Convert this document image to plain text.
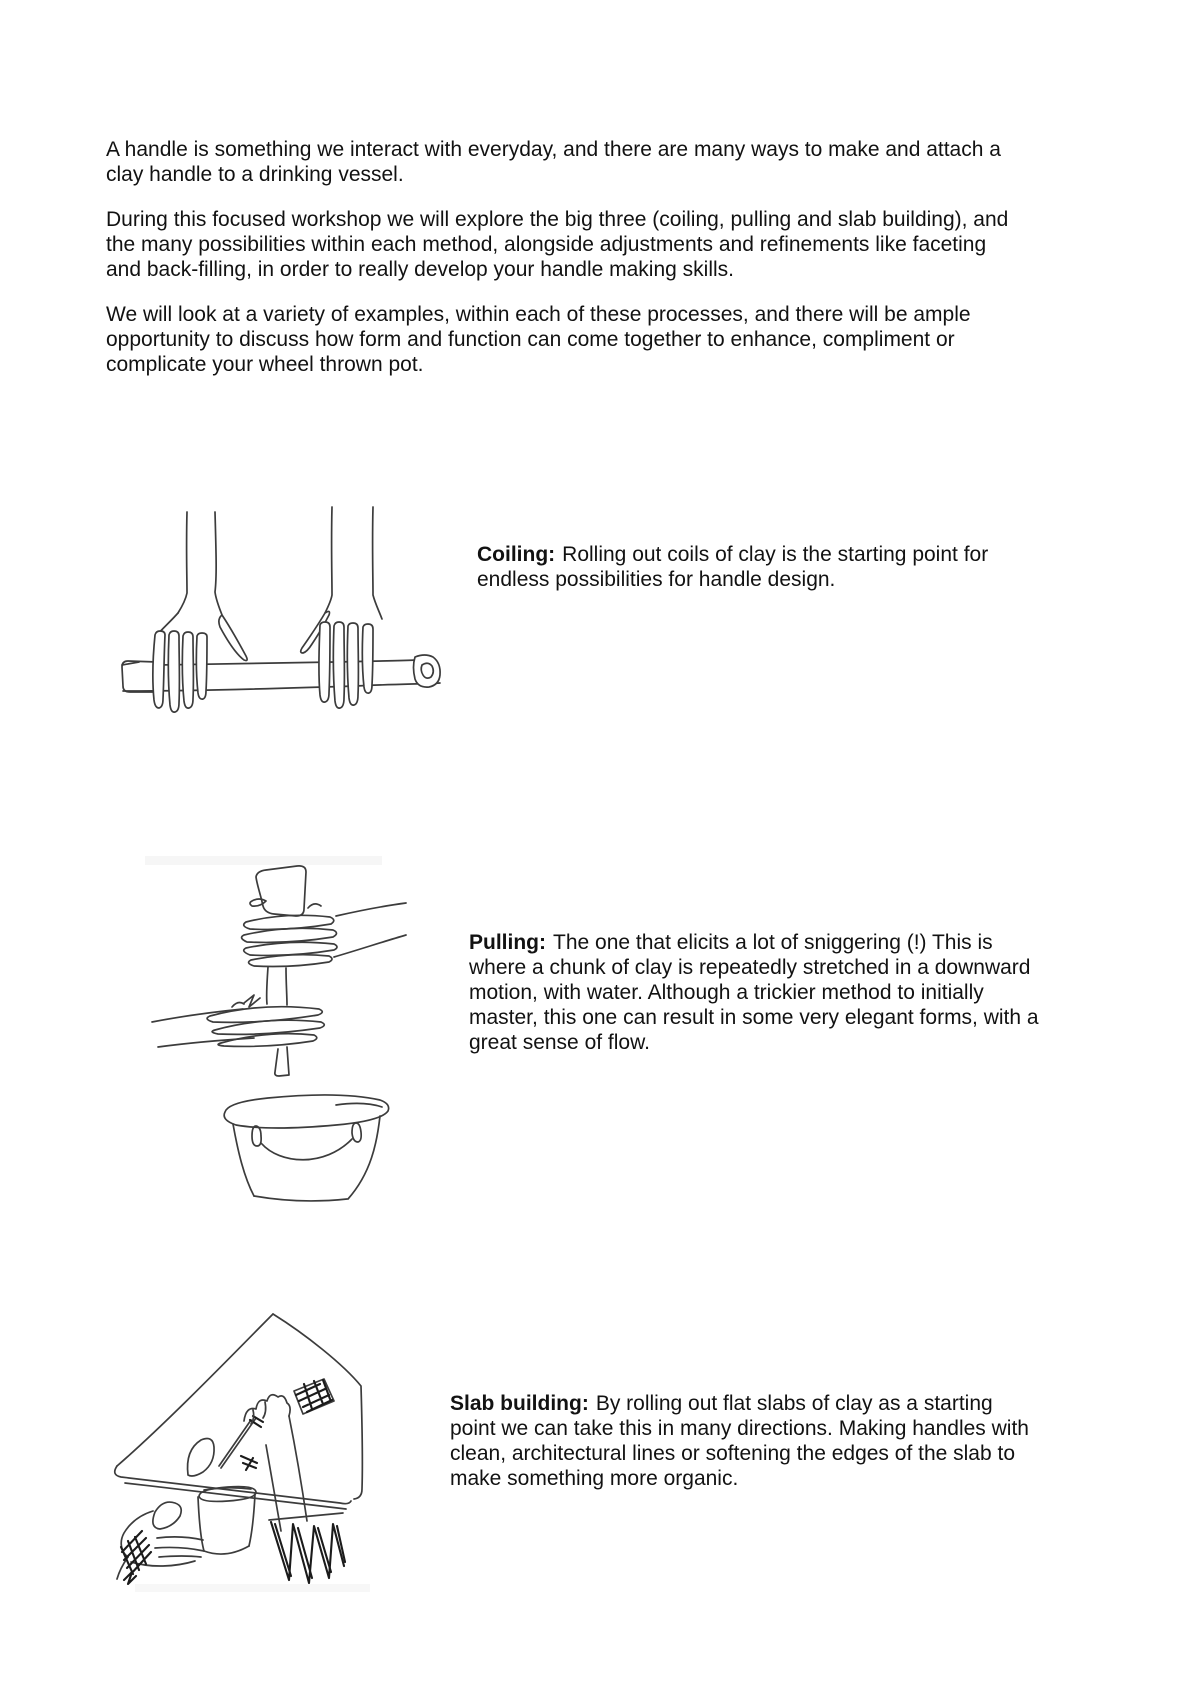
A handle is something we interact with everyday, and there are many ways to make and attach a
clay handle to a drinking vessel.
During this focused workshop we will explore the big three (coiling, pulling and slab building), and
the many possibilities within each method, alongside adjustments and refinements like faceting
and back-filling, in order to really develop your handle making skills.
We will look at a variety of examples, within each of these processes, and there will be ample
opportunity to discuss how form and function can come together to enhance, compliment or
complicate your wheel thrown pot.
Coiling: Rolling out coils of clay is the starting point for
endless possibilities for handle design.
Pulling: The one that elicits a lot of sniggering (!) This is
where a chunk of clay is repeatedly stretched in a downward
motion, with water. Although a trickier method to initially
master, this one can result in some very elegant forms, with a
great sense of flow.
Slab building: By rolling out flat slabs of clay as a starting
point we can take this in many directions. Making handles with
clean, architectural lines or softening the edges of the slab to
make something more organic.
